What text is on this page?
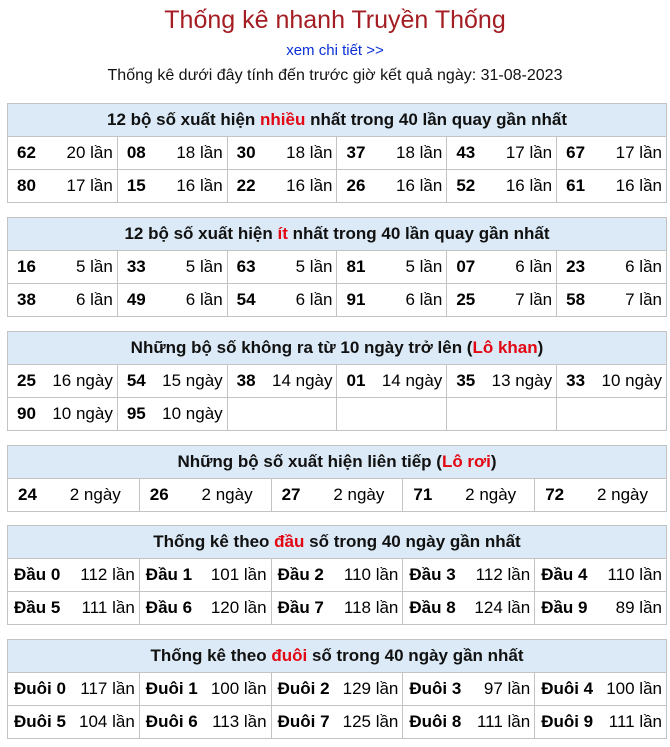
Thống kê nhanh Truyền Thống
xem chi tiết >>
Thống kê dưới đây tính đến trước giờ kết quả ngày: 31-08-2023
12 bộ số xuất hiện nhiều nhất trong 40 lần quay gần nhất					
62 20 lần	08 18 lần	30 18 lần	37 18 lần	43 17 lần	67 17 lần

80 17 lần	15 16 lần	22 16 lần	26 16 lần	52 16 lần	61 16 lần
12 bộ số xuất hiện ít nhất trong 40 lần quay gần nhất					
16 5 lần	33 5 lần	63 5 lần	81 5 lần	07 6 lần	23 6 lần

38 6 lần	49 6 lần	54 6 lần	91 6 lần	25 7 lần	58 7 lần
Những bộ số không ra từ 10 ngày trở lên (Lô khan)					
25 16 ngày	54 15 ngày	38 14 ngày	01 14 ngày	35 13 ngày	33 10 ngày

90 10 ngày	95 10 ngày				

Những bộ số xuất hiện liên tiếp (Lô rơi)
24 2 ngày	26 2 ngày	27 2 ngày	71 2 ngày	72 2 ngày
Thống kê theo đầu số trong 40 ngày gần nhất				
Đầu 0 112 lần	Đầu 1 101 lần	Đầu 2 110 lần	Đầu 3 112 lần	Đầu 4 110 lần

Đầu 5 111 lần	Đầu 6 120 lần	Đầu 7 118 lần	Đầu 8 124 lần	Đầu 9 89 lần
Thống kê theo đuôi số trong 40 ngày gần nhất				
Đuôi 0 117 lần	Đuôi 1 100 lần	Đuôi 2 129 lần	Đuôi 3 97 lần	Đuôi 4 100 lần

Đuôi 5 104 lần	Đuôi 6 113 lần	Đuôi 7 125 lần	Đuôi 8 111 lần	Đuôi 9 111 lần
